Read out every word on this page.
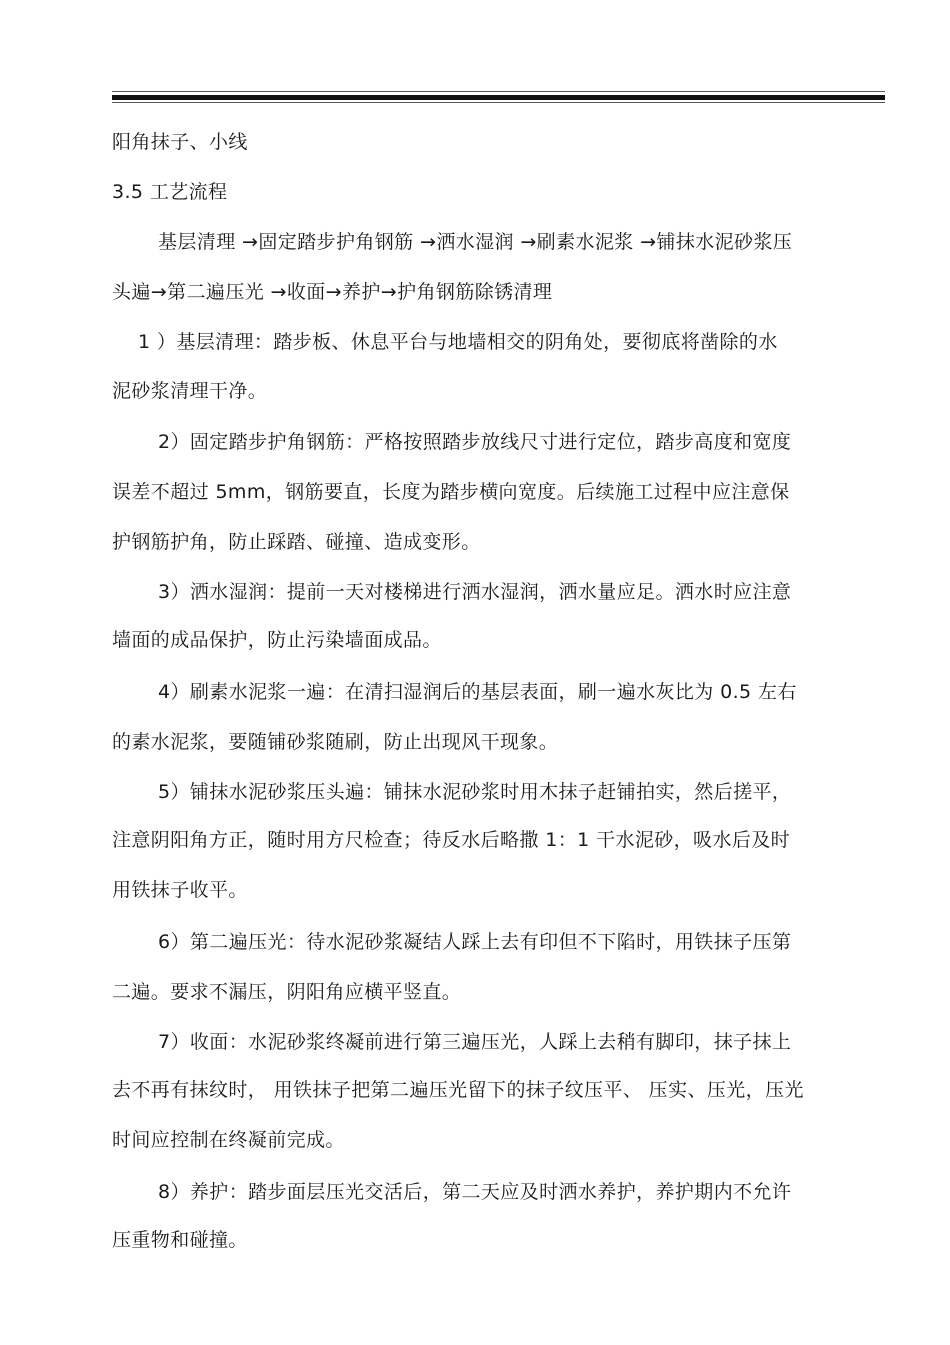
阳角抹子、小线
3.5 工艺流程
基层清理 →固定踏步护角钢筋 →洒水湿润 →刷素水泥浆 →铺抹水泥砂浆压
头遍→第二遍压光 →收面→养护→护角钢筋除锈清理
1 ）基层清理：踏步板、休息平台与地墙相交的阴角处，要彻底将凿除的水
泥砂浆清理干净。
2）固定踏步护角钢筋：严格按照踏步放线尺寸进行定位，踏步高度和宽度
误差不超过 5mm，钢筋要直，长度为踏步横向宽度。后续施工过程中应注意保
护钢筋护角，防止踩踏、碰撞、造成变形。
3）洒水湿润：提前一天对楼梯进行洒水湿润，洒水量应足。洒水时应注意
墙面的成品保护，防止污染墙面成品。
4）刷素水泥浆一遍：在清扫湿润后的基层表面，刷一遍水灰比为 0.5 左右
的素水泥浆，要随铺砂浆随刷，防止出现风干现象。
5）铺抹水泥砂浆压头遍：铺抹水泥砂浆时用木抹子赶铺拍实，然后搓平，
注意阴阳角方正，随时用方尺检查；待反水后略撒 1：1 干水泥砂，吸水后及时
用铁抹子收平。
6）第二遍压光：待水泥砂浆凝结人踩上去有印但不下陷时，用铁抹子压第
二遍。要求不漏压，阴阳角应横平竖直。
7）收面：水泥砂浆终凝前进行第三遍压光，人踩上去稍有脚印，抹子抹上
去不再有抹纹时， 用铁抹子把第二遍压光留下的抹子纹压平、 压实、压光，压光
时间应控制在终凝前完成。
8）养护：踏步面层压光交活后，第二天应及时洒水养护，养护期内不允许
压重物和碰撞。
